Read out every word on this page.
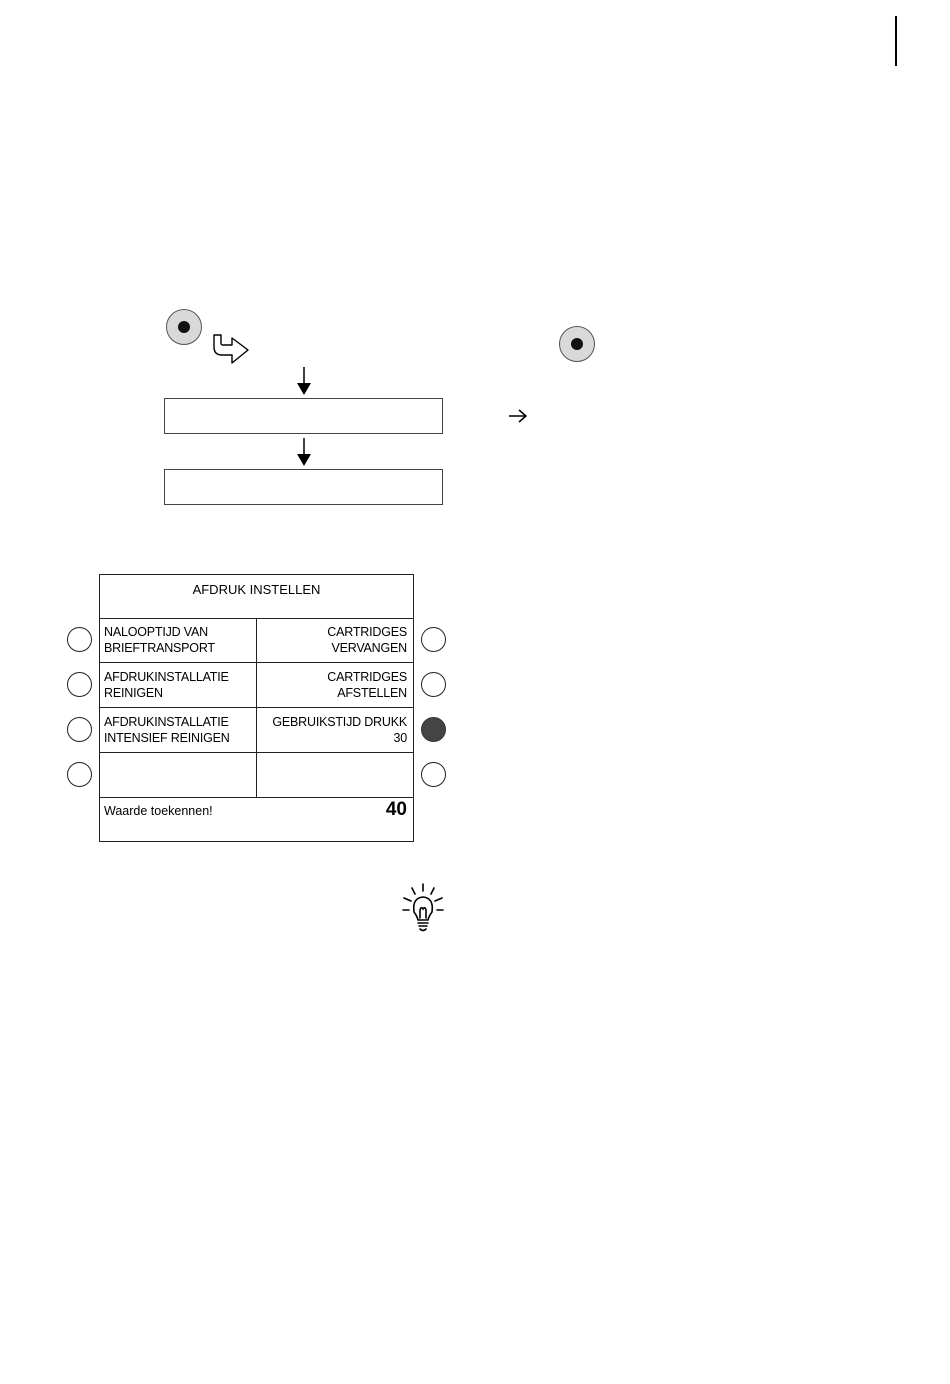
AFDRUK INSTELLEN
NALOOPTIJD VAN
BRIEFTRANSPORT
AFDRUKINSTALLATIE
REINIGEN
AFDRUKINSTALLATIE
INTENSIEF REINIGEN
CARTRIDGES
VERVANGEN
CARTRIDGES
AFSTELLEN
GEBRUIKSTIJD DRUKK
30
Waarde toekennen!	40
